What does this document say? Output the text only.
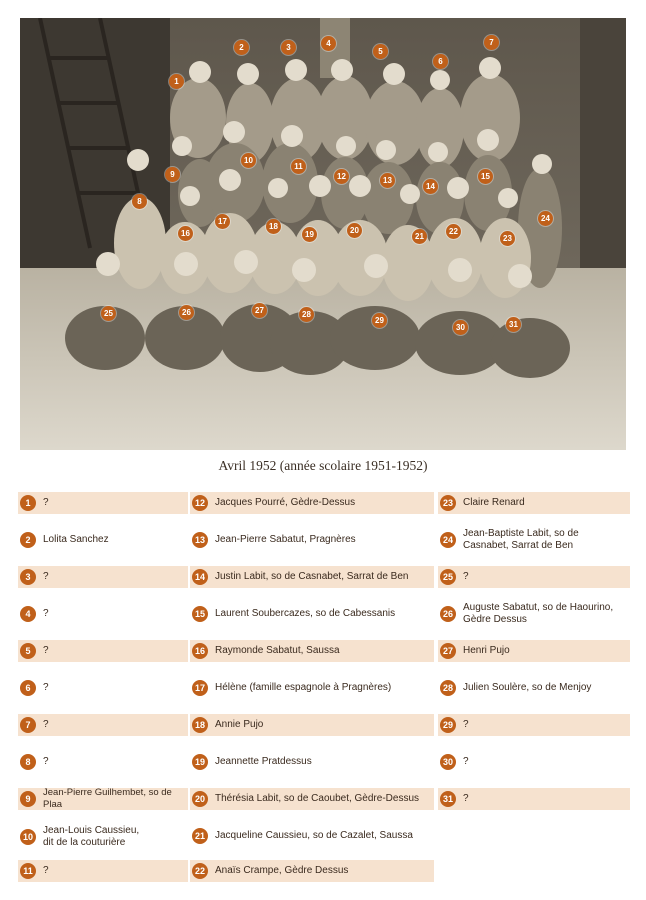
1
2	3	4
5
6
7
8
9
10
11
12	13
14
15
16
17
18
19	20
21
22
23
24
25	26	27	28
29
30	31
Avril 1952 (année scolaire 1951-1952)
1	?
2	Lolita Sanchez
3	?
4	?
5	?
6	?
7	?
8	?
9
Jean-Pierre Guilhembet, so de Plaa
10
Jean-Louis Caussieu, dit de la couturière
11	?
12	Jacques Pourré, Gèdre-Dessus
13	Jean-Pierre Sabatut, Pragnères
14	Justin Labit, so de Casnabet, Sarrat de Ben
15	Laurent Soubercazes, so de Cabessanis
16	Raymonde Sabatut, Saussa
17	Hélène (famille espagnole à Pragnères)
18	Annie Pujo
19	Jeannette Pratdessus
20	Thérésia Labit, so de Caoubet, Gèdre-Dessus
21	Jacqueline Caussieu, so de Cazalet, Saussa
22	Anaïs Crampe, Gèdre Dessus
23	Claire Renard
24
Jean-Baptiste Labit, so de Casnabet, Sarrat de Ben
25	?
26
Auguste Sabatut, so de Haourino, Gèdre Dessus
27	Henri Pujo
28	Julien Soulère, so de Menjoy
29	?
30	?
31	?
